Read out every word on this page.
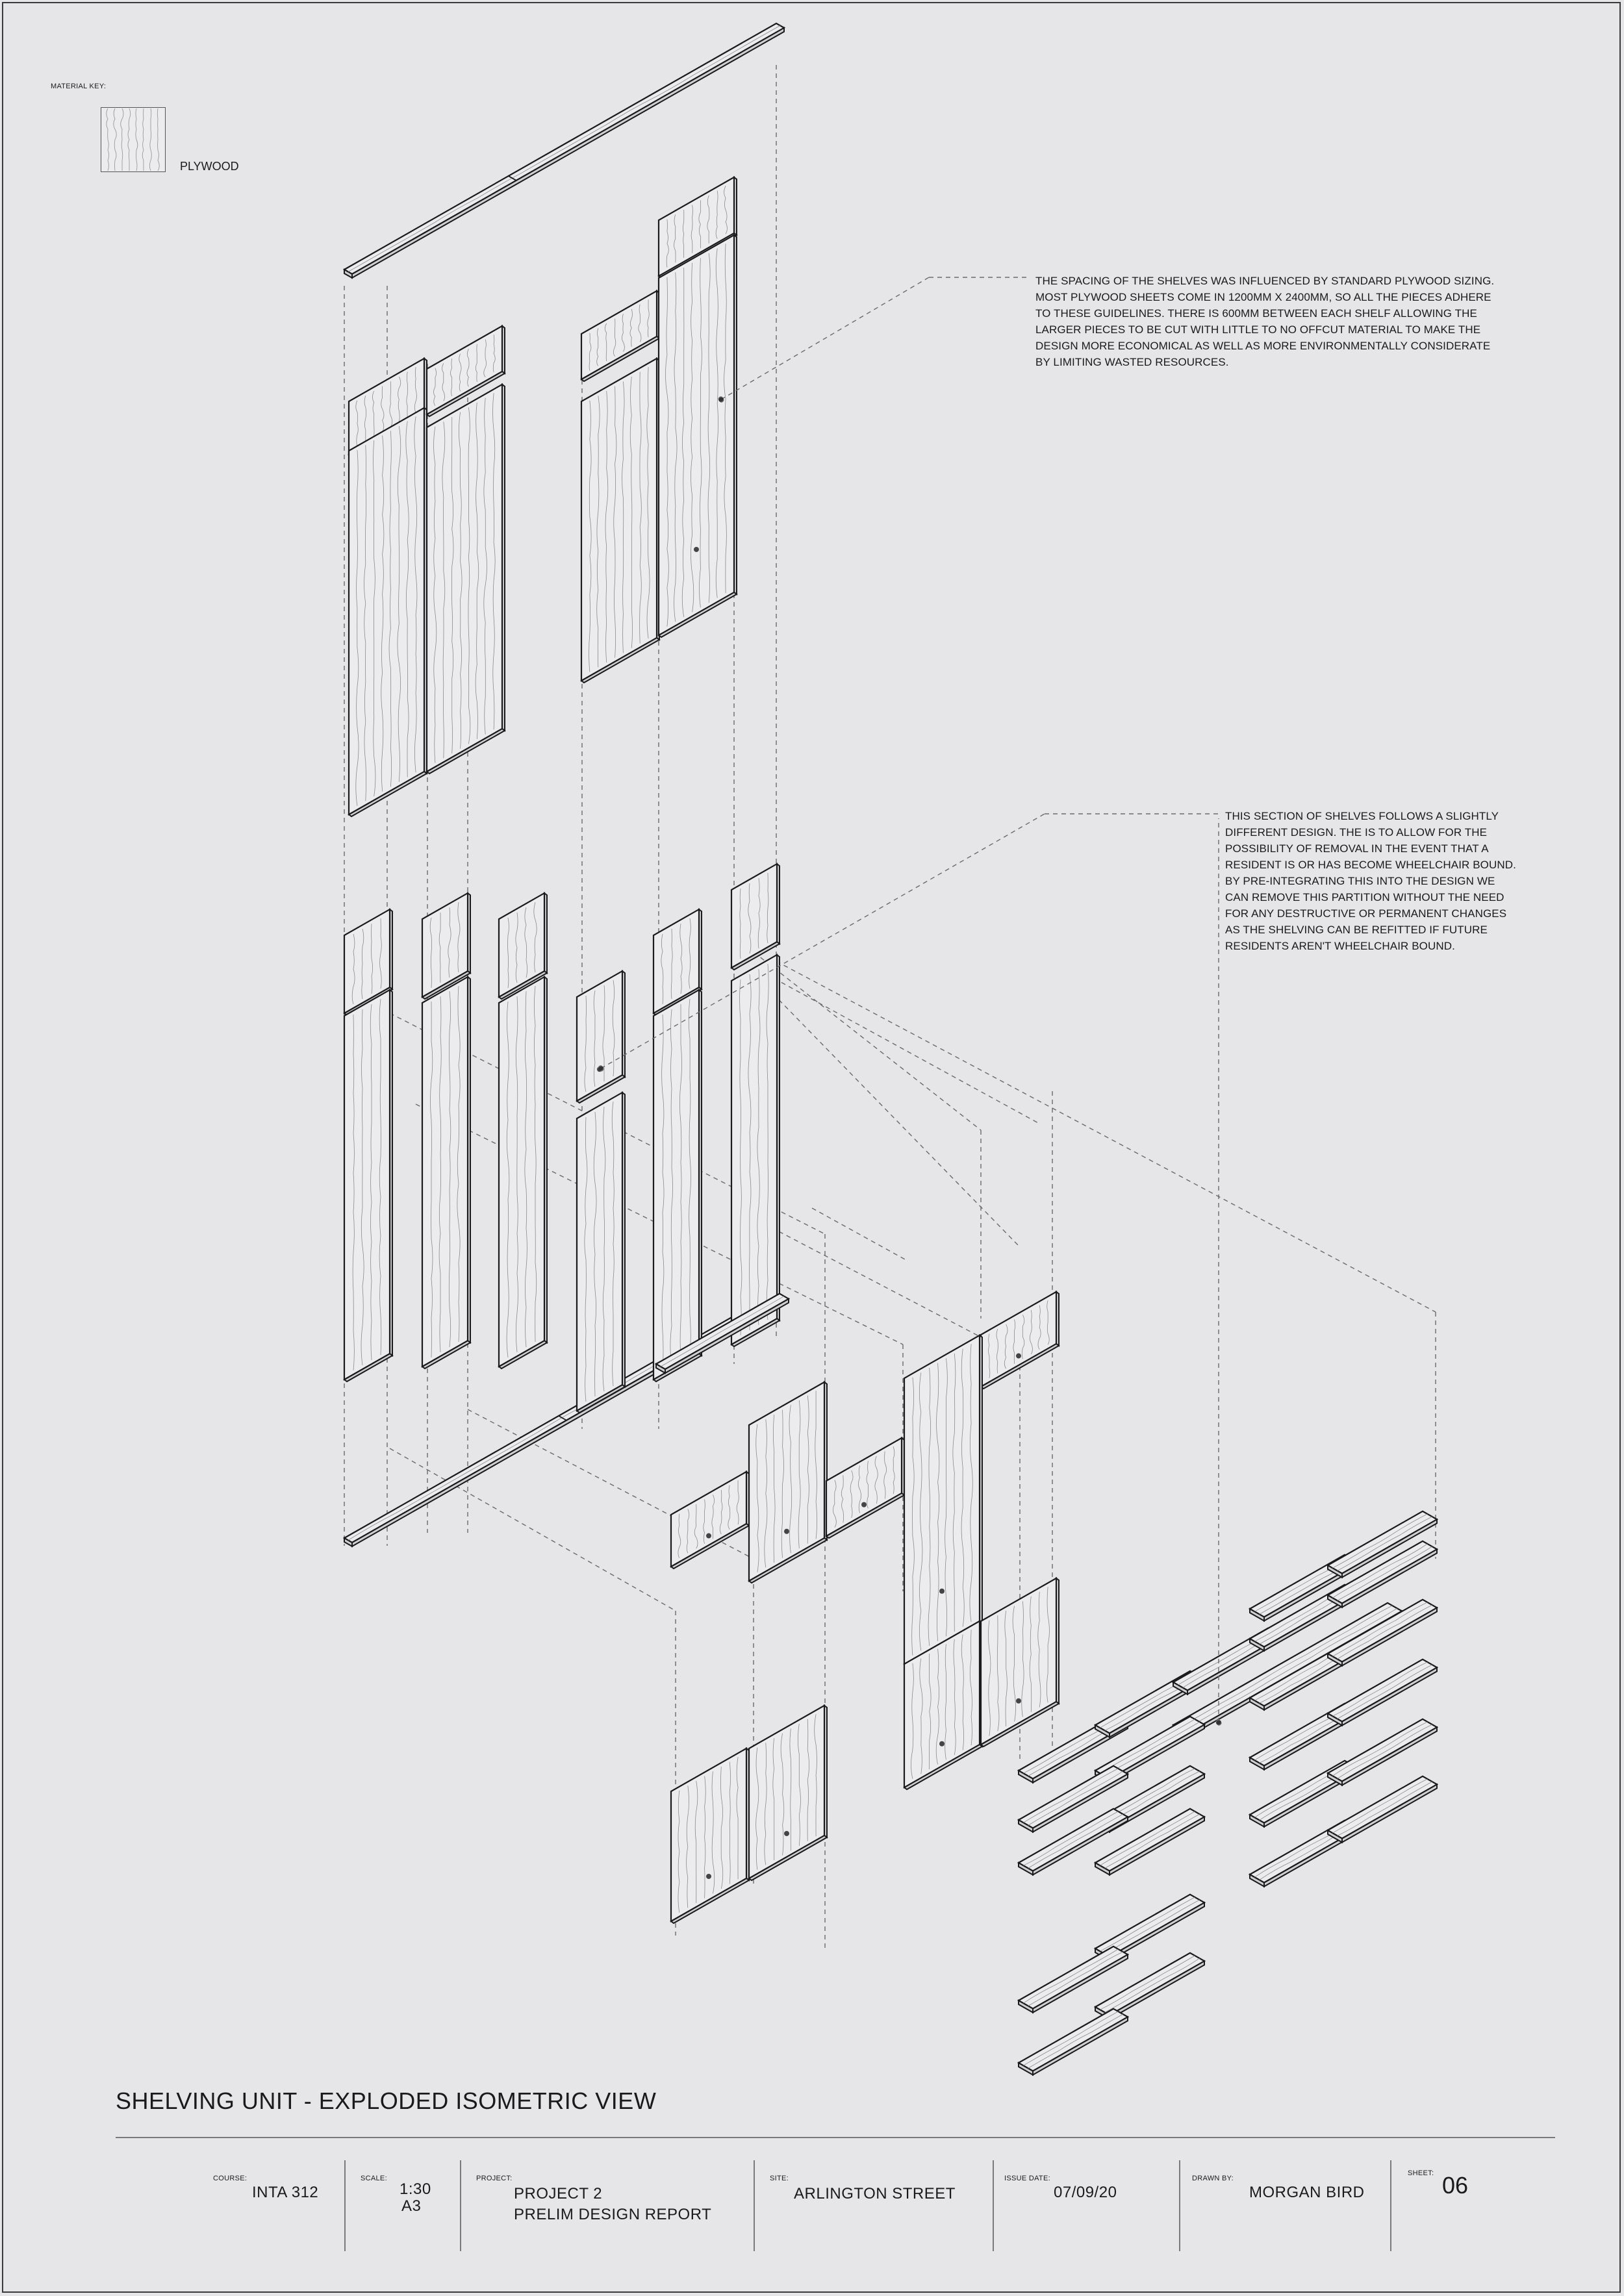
MATERIAL KEY:
PLYWOOD
THE SPACING OF THE SHELVES WAS INFLUENCED BY STANDARD PLYWOOD SIZING.
MOST PLYWOOD SHEETS COME IN 1200MM X 2400MM, SO ALL THE PIECES ADHERE
TO THESE GUIDELINES. THERE IS 600MM BETWEEN EACH SHELF ALLOWING THE
LARGER PIECES TO BE CUT WITH LITTLE TO NO OFFCUT MATERIAL TO MAKE THE
DESIGN MORE ECONOMICAL AS WELL AS MORE ENVIRONMENTALLY CONSIDERATE
BY LIMITING WASTED RESOURCES.
THIS SECTION OF SHELVES FOLLOWS A SLIGHTLY
DIFFERENT DESIGN. THE IS TO ALLOW FOR THE
POSSIBILITY OF REMOVAL IN THE EVENT THAT A
RESIDENT IS OR HAS BECOME WHEELCHAIR BOUND.
BY PRE-INTEGRATING THIS INTO THE DESIGN WE
CAN REMOVE THIS PARTITION WITHOUT THE NEED
FOR ANY DESTRUCTIVE OR PERMANENT CHANGES
AS THE SHELVING CAN BE REFITTED IF FUTURE
RESIDENTS AREN'T WHEELCHAIR BOUND.
SHELVING UNIT - EXPLODED ISOMETRIC VIEW
COURSE:
INTA 312
SCALE:
1:30
A3
PROJECT:
PROJECT 2
PRELIM DESIGN REPORT
SITE:
ARLINGTON STREET
ISSUE DATE:
07/09/20
DRAWN BY:
MORGAN BIRD
SHEET: 06
